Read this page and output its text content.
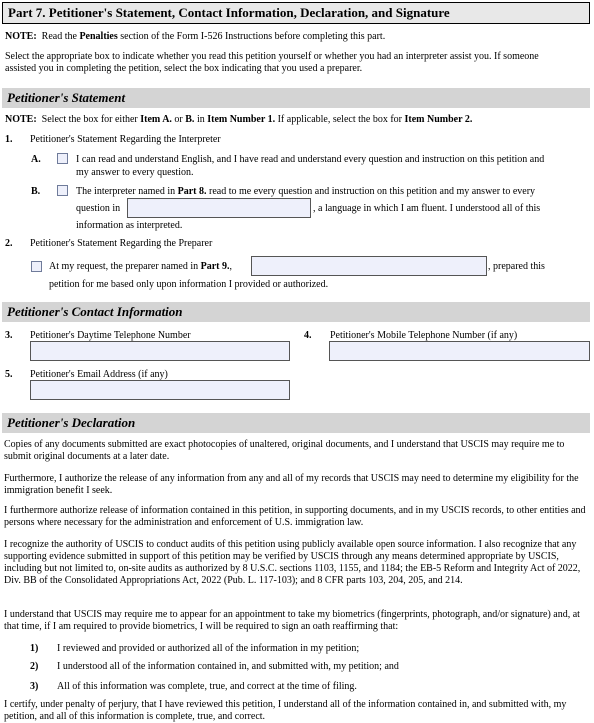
Part 7. Petitioner's Statement, Contact Information, Declaration, and Signature
NOTE: Read the Penalties section of the Form I-526 Instructions before completing this part.
Select the appropriate box to indicate whether you read this petition yourself or whether you had an interpreter assist you. If someone
assisted you in completing the petition, select the box indicating that you used a preparer.
Petitioner's Statement
NOTE: Select the box for either Item A. or B. in Item Number 1. If applicable, select the box for Item Number 2.
1. Petitioner's Statement Regarding the Interpreter
A.	I can read and understand English, and I have read and understand every question and instruction on this petition and
my answer to every question.
B.	The interpreter named in Part 8. read to me every question and instruction on this petition and my answer to every
question in	, a language in which I am fluent. I understood all of this
information as interpreted.
2. Petitioner's Statement Regarding the Preparer
At my request, the preparer named in Part 9.,	, prepared this
petition for me based only upon information I provided or authorized.
Petitioner's Contact Information
3. Petitioner's Daytime Telephone Number	4. Petitioner's Mobile Telephone Number (if any)
5. Petitioner's Email Address (if any)
Petitioner's Declaration
Copies of any documents submitted are exact photocopies of unaltered, original documents, and I understand that USCIS may require me to submit original documents at a later date.
Furthermore, I authorize the release of any information from any and all of my records that USCIS may need to determine my eligibility for the immigration benefit I seek.
I furthermore authorize release of information contained in this petition, in supporting documents, and in my USCIS records, to other entities and persons where necessary for the administration and enforcement of U.S. immigration law.
I recognize the authority of USCIS to conduct audits of this petition using publicly available open source information. I also recognize that any supporting evidence submitted in support of this petition may be verified by USCIS through any means determined appropriate by USCIS, including but not limited to, on-site audits as authorized by 8 U.S.C. sections 1103, 1155, and 1184; the EB-5 Reform and Integrity Act of 2022, Div. BB of the Consolidated Appropriations Act, 2022 (Pub. L. 117-103); and 8 CFR parts 103, 204, 205, and 214.
I understand that USCIS may require me to appear for an appointment to take my biometrics (fingerprints, photograph, and/or signature) and, at that time, if I am required to provide biometrics, I will be required to sign an oath reaffirming that:
1) I reviewed and provided or authorized all of the information in my petition;
2) I understood all of the information contained in, and submitted with, my petition; and
3) All of this information was complete, true, and correct at the time of filing.
I certify, under penalty of perjury, that I have reviewed this petition, I understand all of the information contained in, and submitted with, my petition, and all of this information is complete, true, and correct.
